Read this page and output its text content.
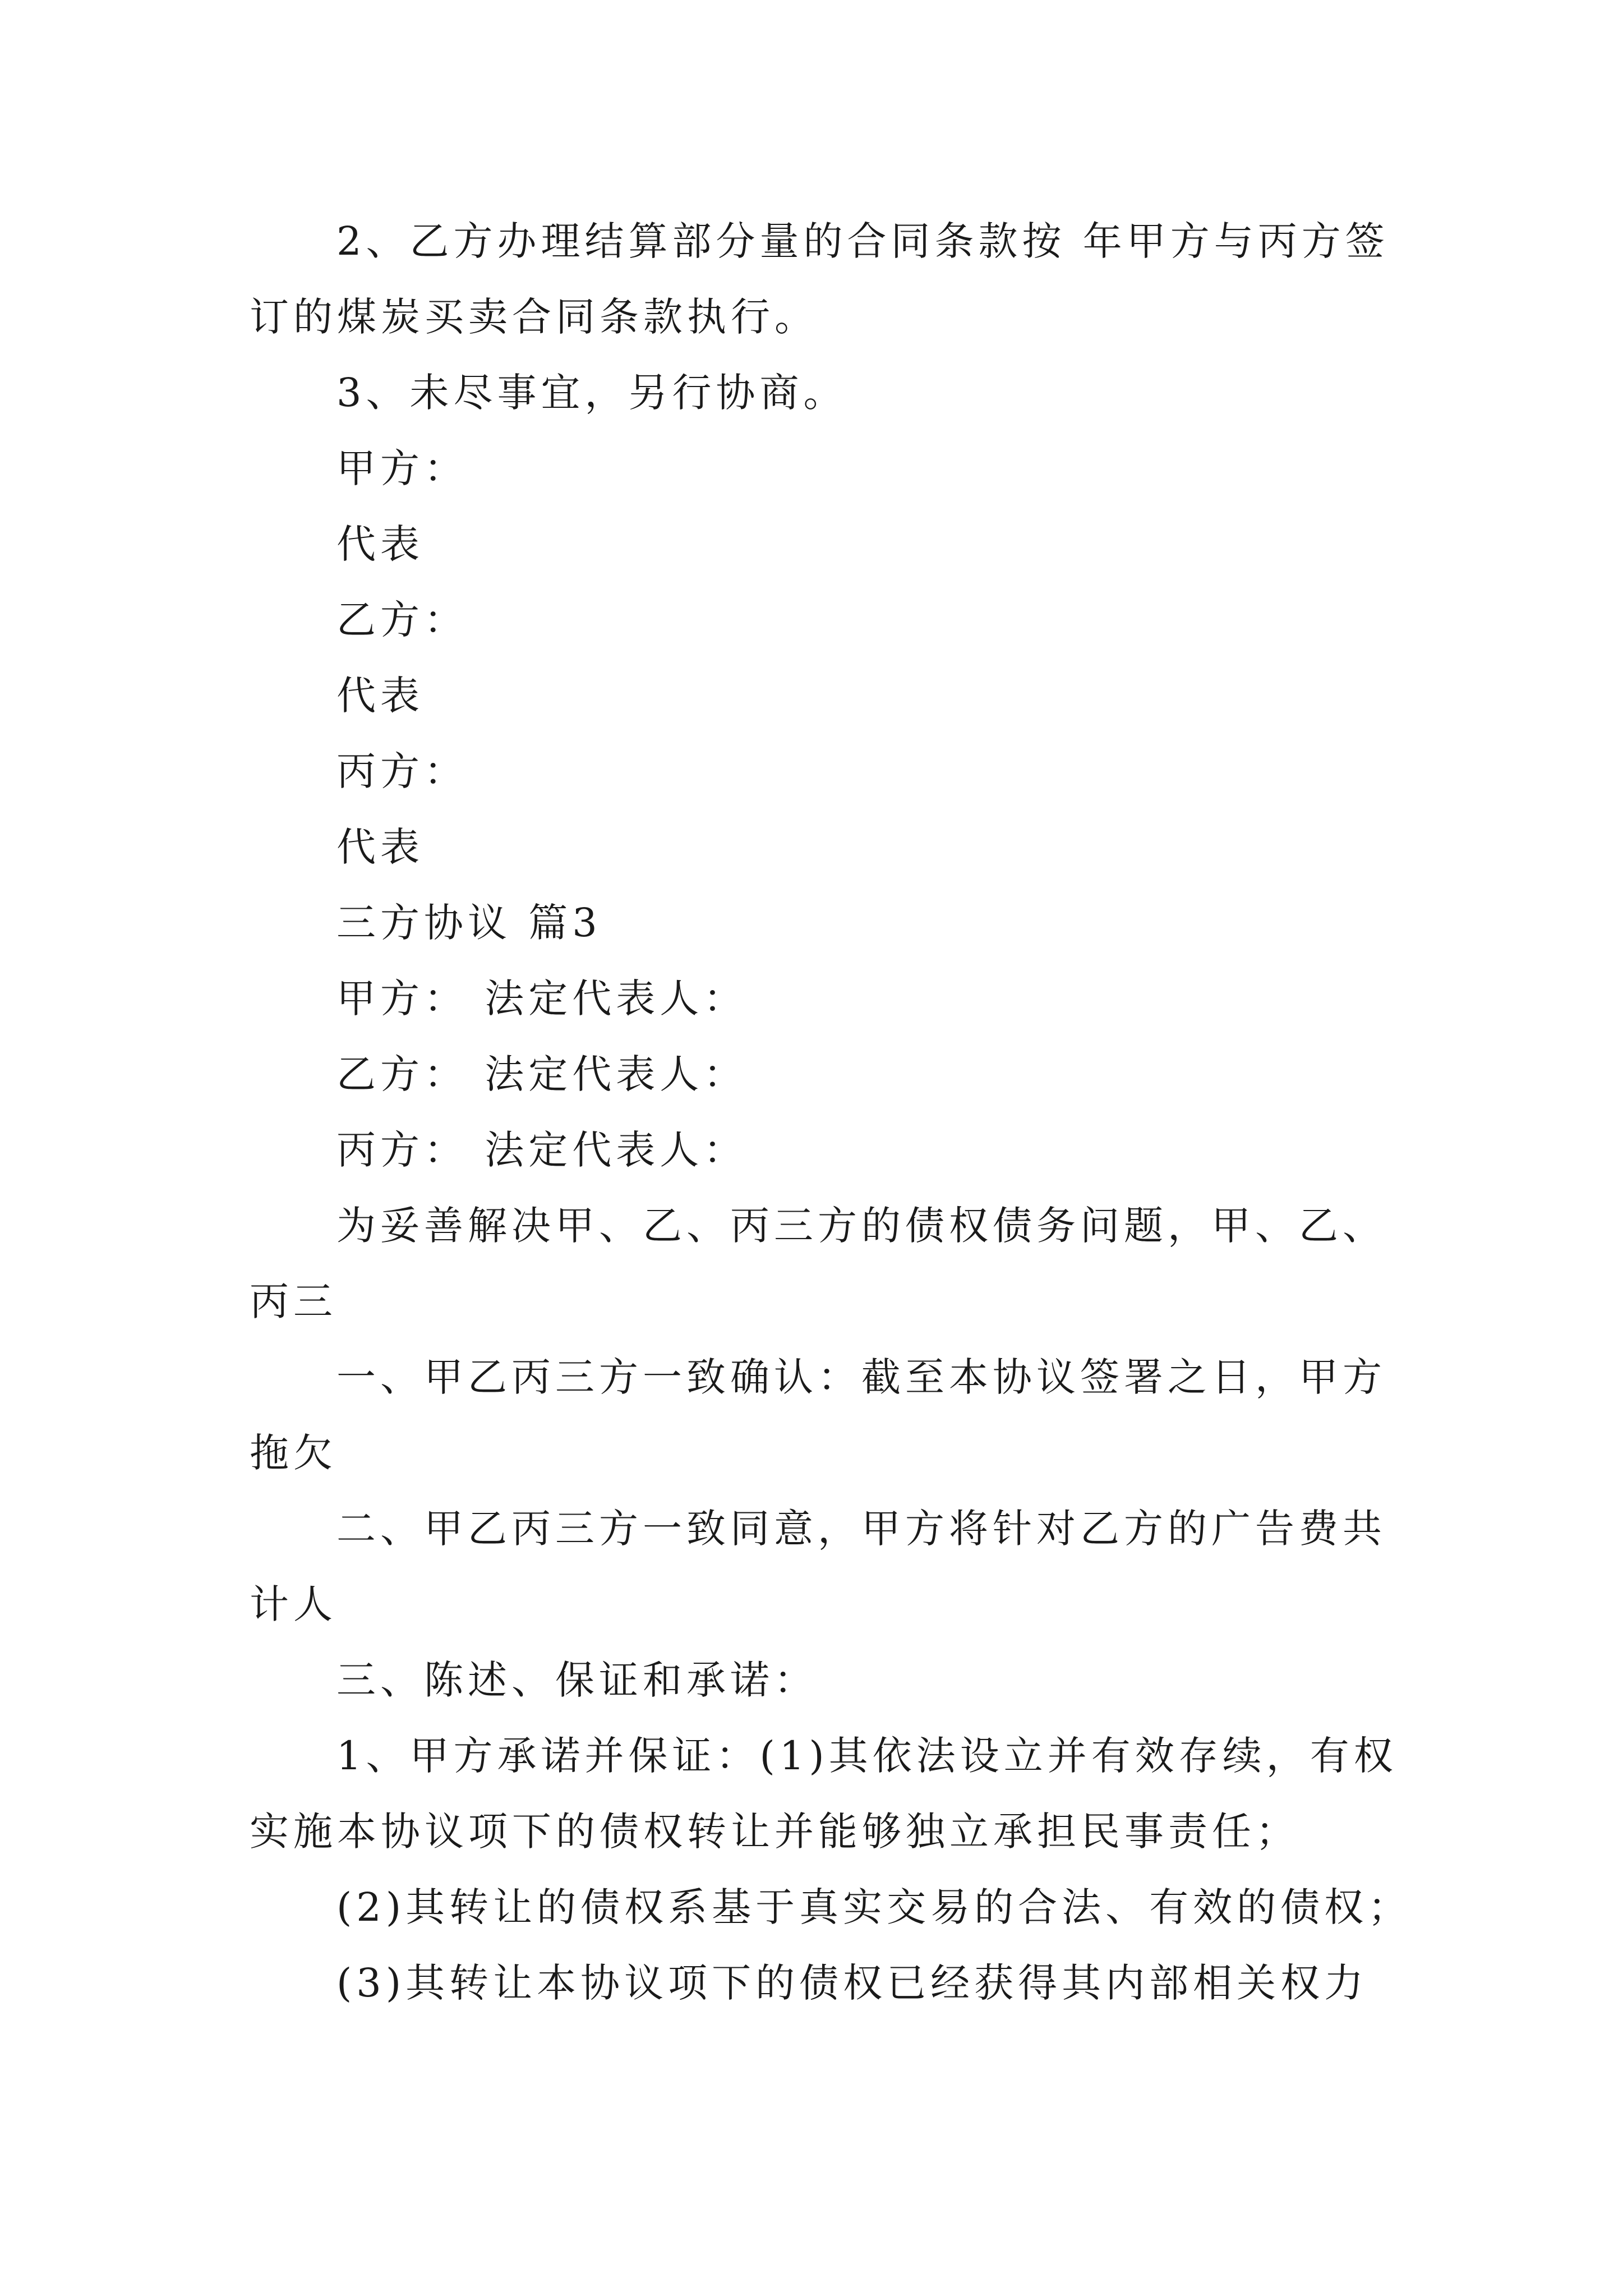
2、乙方办理结算部分量的合同条款按 年甲方与丙方签
订的煤炭买卖合同条款执行。
3、未尽事宜，另行协商。
甲方：
代表
乙方：
代表
丙方：
代表
三方协议 篇3
甲方： 法定代表人：
乙方： 法定代表人：
丙方： 法定代表人：
为妥善解决甲、乙、丙三方的债权债务问题，甲、乙、
丙三
一、甲乙丙三方一致确认：截至本协议签署之日，甲方
拖欠
二、甲乙丙三方一致同意，甲方将针对乙方的广告费共
计人
三、陈述、保证和承诺：
1、甲方承诺并保证：(1)其依法设立并有效存续，有权
实施本协议项下的债权转让并能够独立承担民事责任；
(2)其转让的债权系基于真实交易的合法、有效的债权；
(3)其转让本协议项下的债权已经获得其内部相关权力
